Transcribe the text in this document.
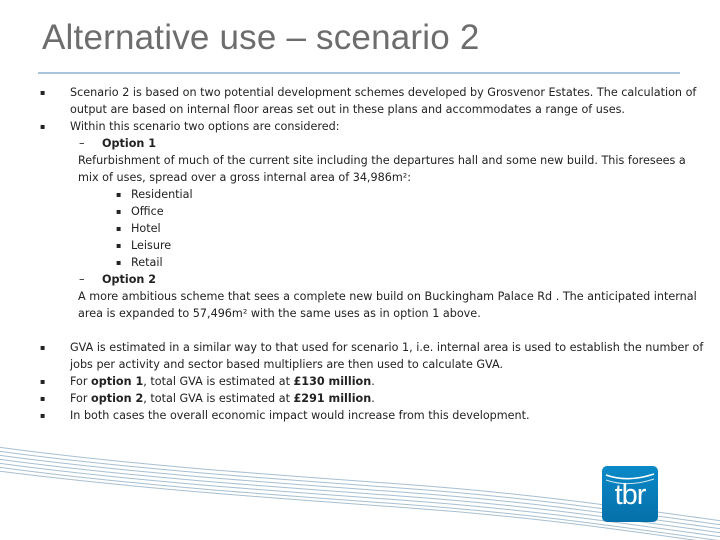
Alternative use – scenario 2
▪ Scenario 2 is based on two potential development schemes developed by Grosvenor Estates. The calculation of
output are based on internal floor areas set out in these plans and accommodates a range of uses.
▪ Within this scenario two options are considered:
– Option 1
Refurbishment of much of the current site including the departures hall and some new build. This foresees a
mix of uses, spread over a gross internal area of 34,986m²:
▪ Residential
▪ Office
▪ Hotel
▪ Leisure
▪ Retail
– Option 2
A more ambitious scheme that sees a complete new build on Buckingham Palace Rd . The anticipated internal
area is expanded to 57,496m² with the same uses as in option 1 above.
▪ GVA is estimated in a similar way to that used for scenario 1, i.e. internal area is used to establish the number of
jobs per activity and sector based multipliers are then used to calculate GVA.
▪ For option 1, total GVA is estimated at £130 million.
▪ For option 2, total GVA is estimated at £291 million.
▪ In both cases the overall economic impact would increase from this development.
tbr
